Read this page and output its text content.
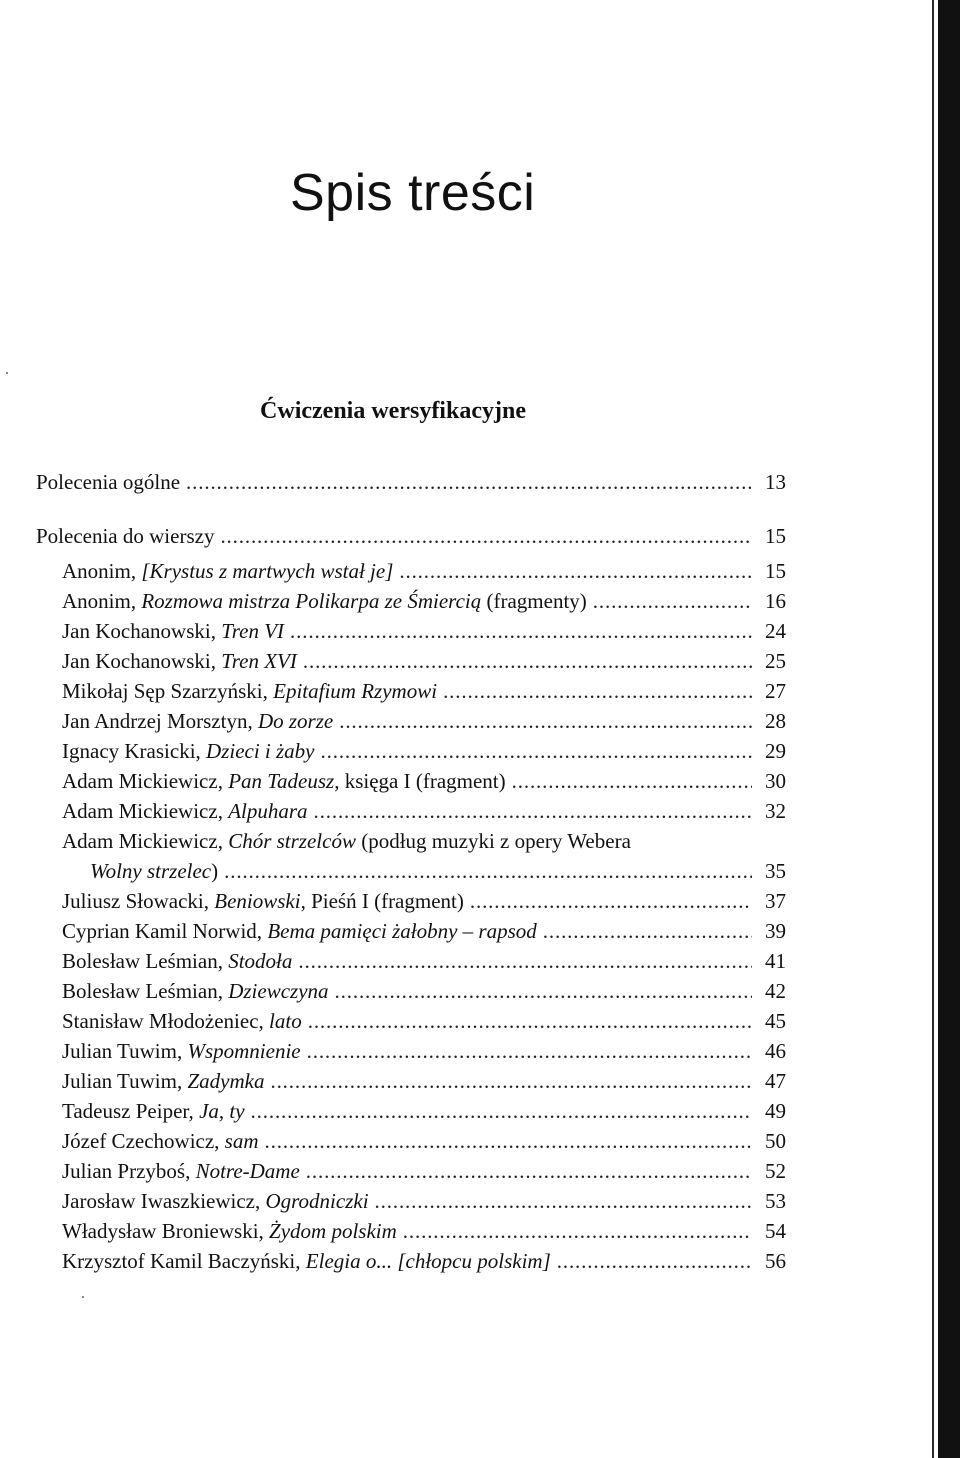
Spis treści
Ćwiczenia wersyfikacyjne
Polecenia ogólne . . .	13
Polecenia do wierszy . . .	15
Anonim, [Krystus z martwych wstał je] . . .	15
Anonim, Rozmowa mistrza Polikarpa ze Śmiercią (fragmenty) . . .	16
Jan Kochanowski, Tren VI . . .	24
Jan Kochanowski, Tren XVI . . .	25
Mikołaj Sęp Szarzyński, Epitafium Rzymowi . . .	27
Jan Andrzej Morsztyn, Do zorze . . .	28
Ignacy Krasicki, Dzieci i żaby . . .	29
Adam Mickiewicz, Pan Tadeusz, księga I (fragment) . . .	30
Adam Mickiewicz, Alpuhara . . .	32
Adam Mickiewicz, Chór strzelców (podług muzyki z opery Webera
Wolny strzelec) . . .	35
Juliusz Słowacki, Beniowski, Pieśń I (fragment) . . .	37
Cyprian Kamil Norwid, Bema pamięci żałobny – rapsod . . .	39
Bolesław Leśmian, Stodoła . . .	41
Bolesław Leśmian, Dziewczyna . . .	42
Stanisław Młodożeniec, lato . . .	45
Julian Tuwim, Wspomnienie . . .	46
Julian Tuwim, Zadymka . . .	47
Tadeusz Peiper, Ja, ty . . .	49
Józef Czechowicz, sam . . .	50
Julian Przyboś, Notre-Dame . . .	52
Jarosław Iwaszkiewicz, Ogrodniczki . . .	53
Władysław Broniewski, Żydom polskim . . .	54
Krzysztof Kamil Baczyński, Elegia o... [chłopcu polskim] . . .	56
